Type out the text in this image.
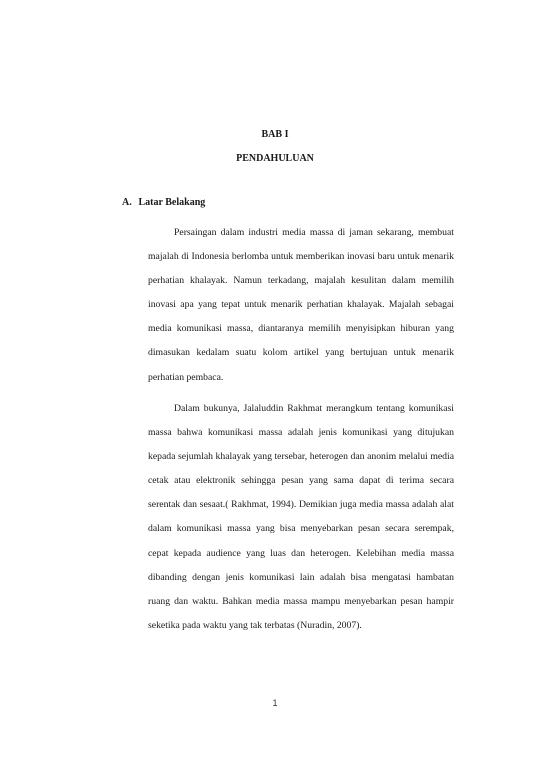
BAB I
PENDAHULUAN
A. Latar Belakang

Persaingan dalam industri media massa di jaman sekarang, membuat majalah di Indonesia berlomba untuk memberikan inovasi baru untuk menarik perhatian khalayak. Namun terkadang, majalah kesulitan dalam memilih inovasi apa yang tepat untuk menarik perhatian khalayak. Majalah sebagai media komunikasi massa, diantaranya memilih menyisipkan hiburan yang dimasukan kedalam suatu kolom artikel yang bertujuan untuk menarik perhatian pembaca.

Dalam bukunya, Jalaluddin Rakhmat merangkum tentang komunikasi massa bahwa komunikasi massa adalah jenis komunikasi yang ditujukan kepada sejumlah khalayak yang tersebar, heterogen dan anonim melalui media cetak atau elektronik sehingga pesan yang sama dapat di terima secara serentak dan sesaat.( Rakhmat, 1994). Demikian juga media massa adalah alat dalam komunikasi massa yang bisa menyebarkan pesan secara serempak, cepat kepada audience yang luas dan heterogen. Kelebihan media massa dibanding dengan jenis komunikasi lain adalah bisa mengatasi hambatan ruang dan waktu. Bahkan media massa mampu menyebarkan pesan hampir seketika pada waktu yang tak terbatas (Nuradin, 2007).

1
